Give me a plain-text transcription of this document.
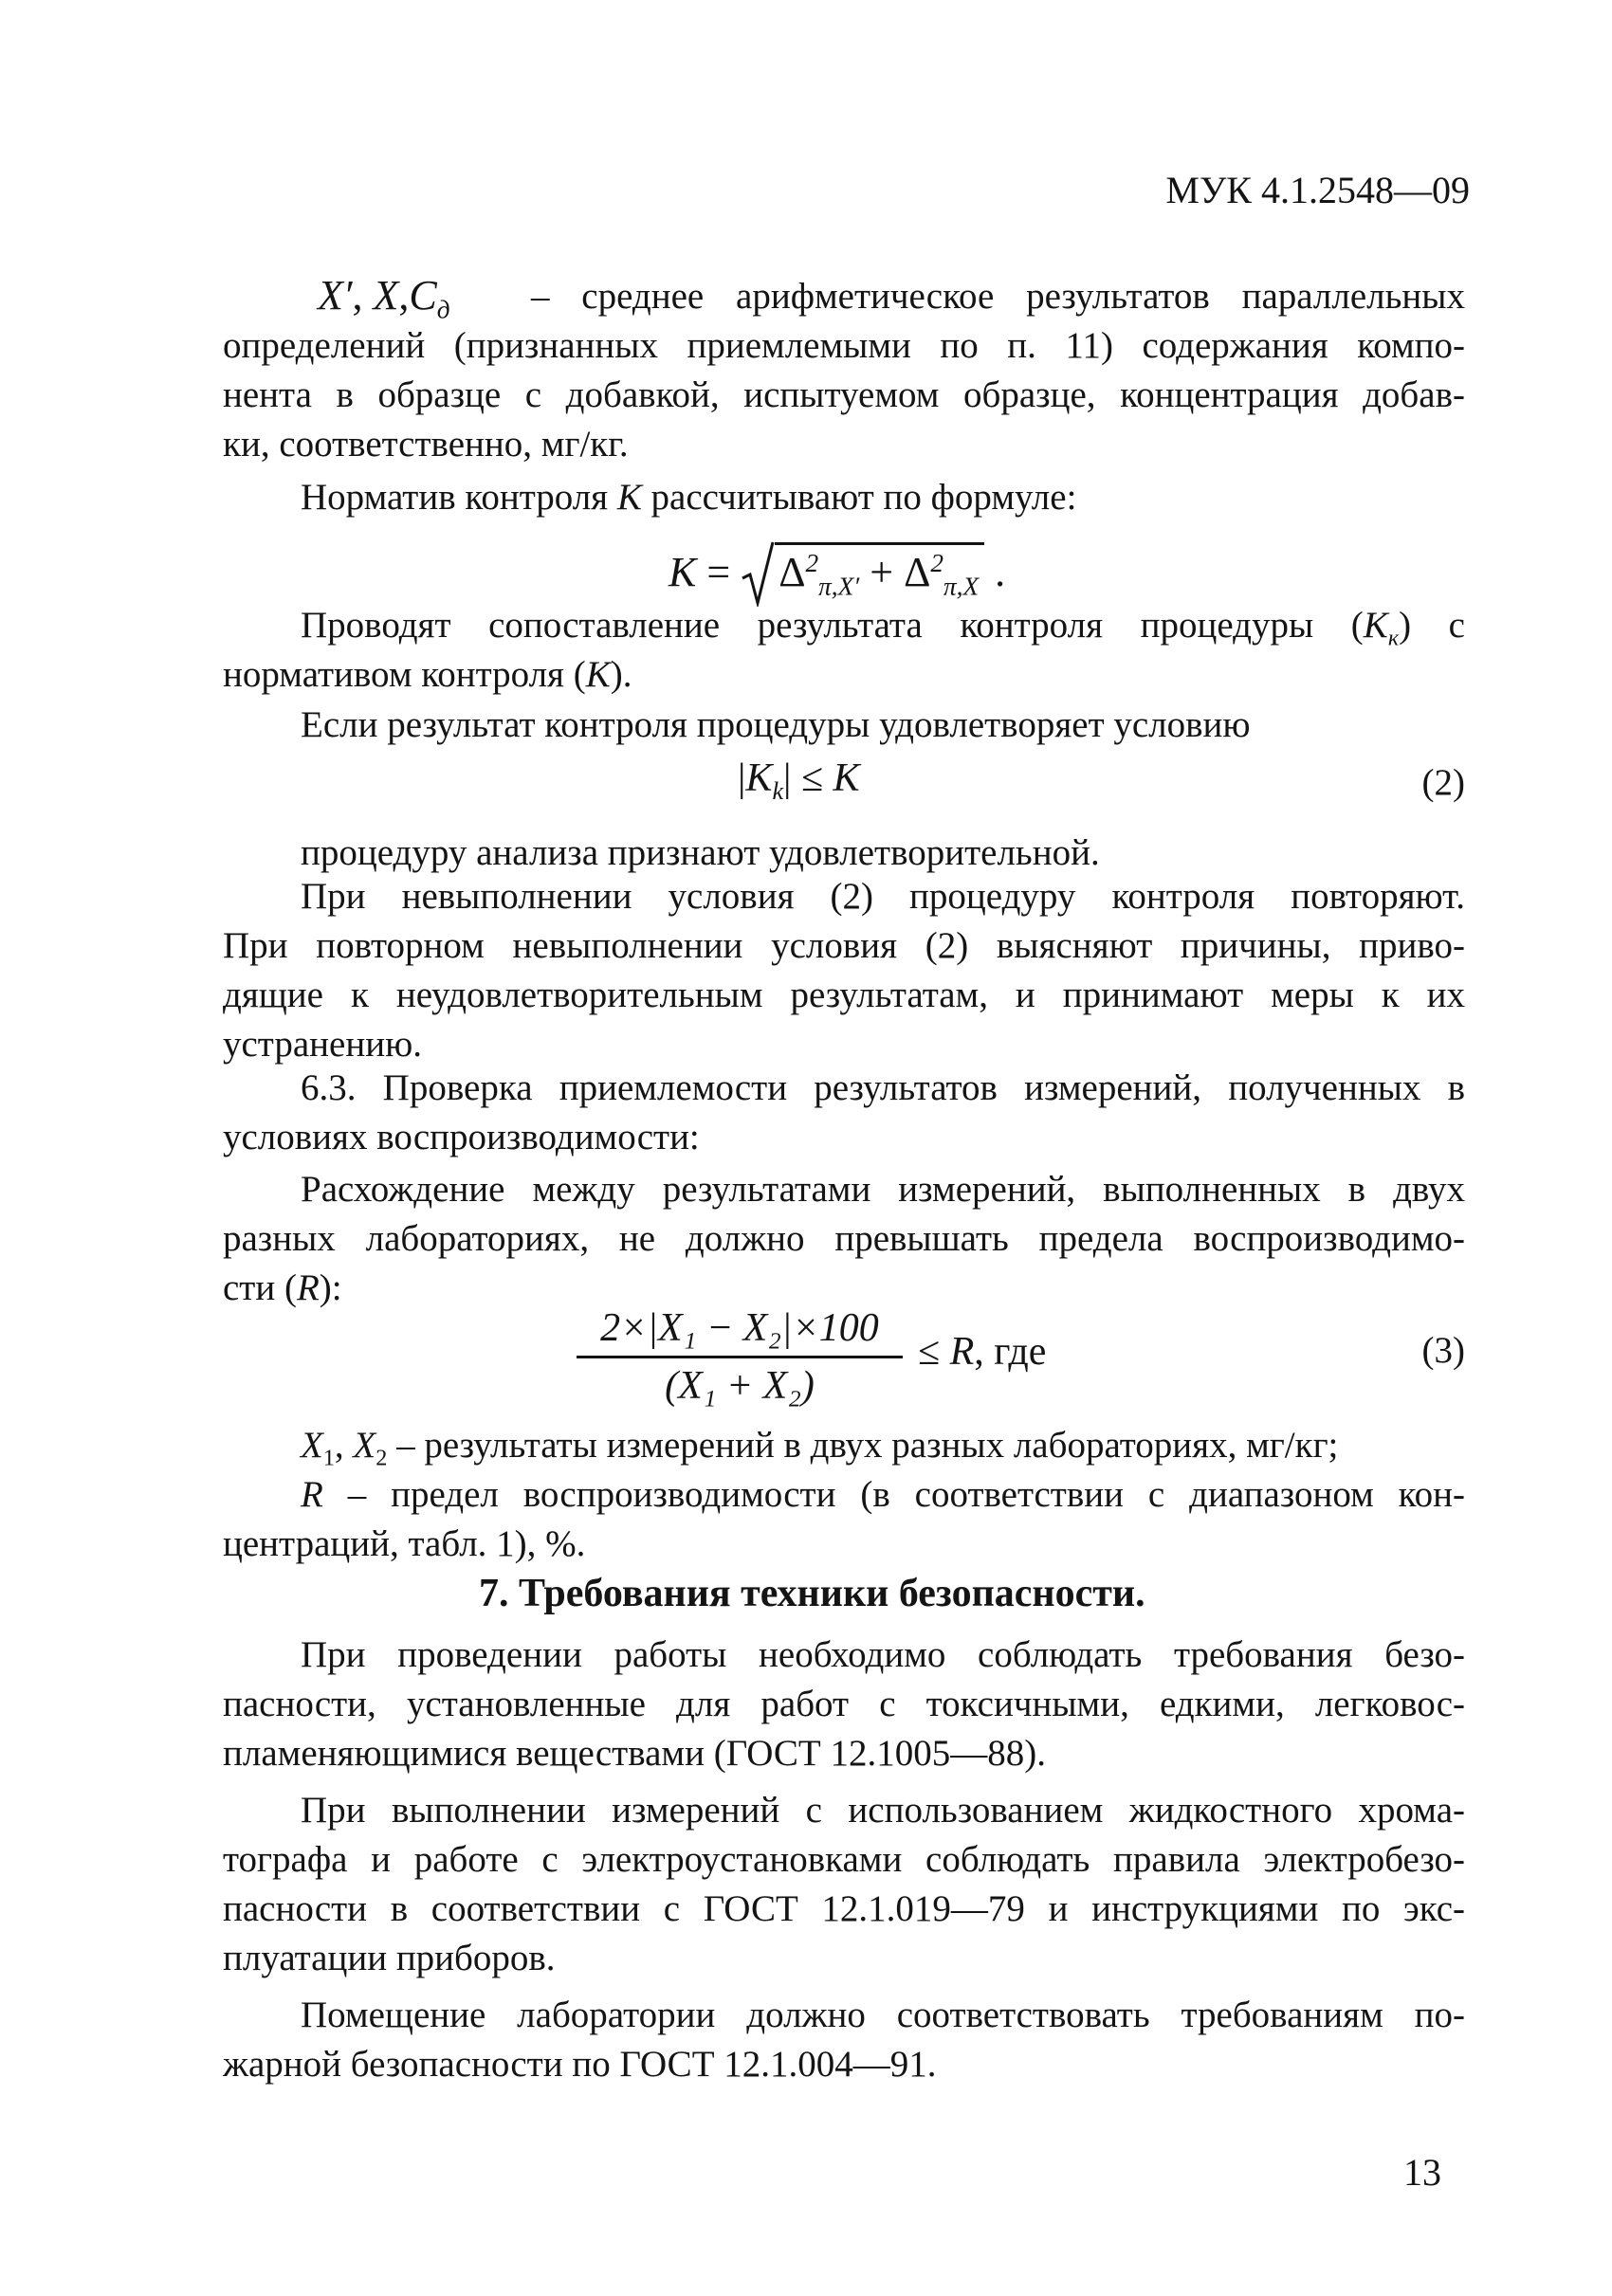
МУК 4.1.2548—09
X′, $X,C_д$ – среднее арифметическое результатов параллельных
определений (признанных приемлемыми по п. 11) содержания компо-
нента в образце с добавкой, испытуемом образце, концентрация добав-
ки, соответственно, мг/кг.
Норматив контроля К рассчитывают по формуле:
$K = \Delta^2_{\pi,X'} + \Delta^2_{\pi,X}$ .
Проводят сопоставление результата контроля процедуры $(K_к)$ с
нормативом контроля (K).
Если результат контроля процедуры удовлетворяет условию
$|K_k| \le K$	(2)
процедуру анализа признают удовлетворительной.
При невыполнении условия (2) процедуру контроля повторяют.
При повторном невыполнении условия (2) выясняют причины, приво-
дящие к неудовлетворительным результатам, и принимают меры к их
устранению.
6.3. Проверка приемлемости результатов измерений, полученных в
условиях воспроизводимости:
Расхождение между результатами измерений, выполненных в двух
разных лабораториях, не должно превышать предела воспроизводимо-
сти (R):
2×|X₁ − X₂|×100
(X₁ + X₂)
≤ R, где	(3)
$X_1$, $X_2$ – результаты измерений в двух разных лабораториях, мг/кг;
R – предел воспроизводимости (в соответствии с диапазоном кон-
центраций, табл. 1), %.
7. Требования техники безопасности.
При проведении работы необходимо соблюдать требования безо-
пасности, установленные для работ с токсичными, едкими, легковос-
пламеняющимися веществами (ГОСТ 12.1005—88).
При выполнении измерений с использованием жидкостного хрома-
тографа и работе с электроустановками соблюдать правила электробезо-
пасности в соответствии с ГОСТ 12.1.019—79 и инструкциями по экс-
плуатации приборов.
Помещение лаборатории должно соответствовать требованиям по-
жарной безопасности по ГОСТ 12.1.004—91.
13
